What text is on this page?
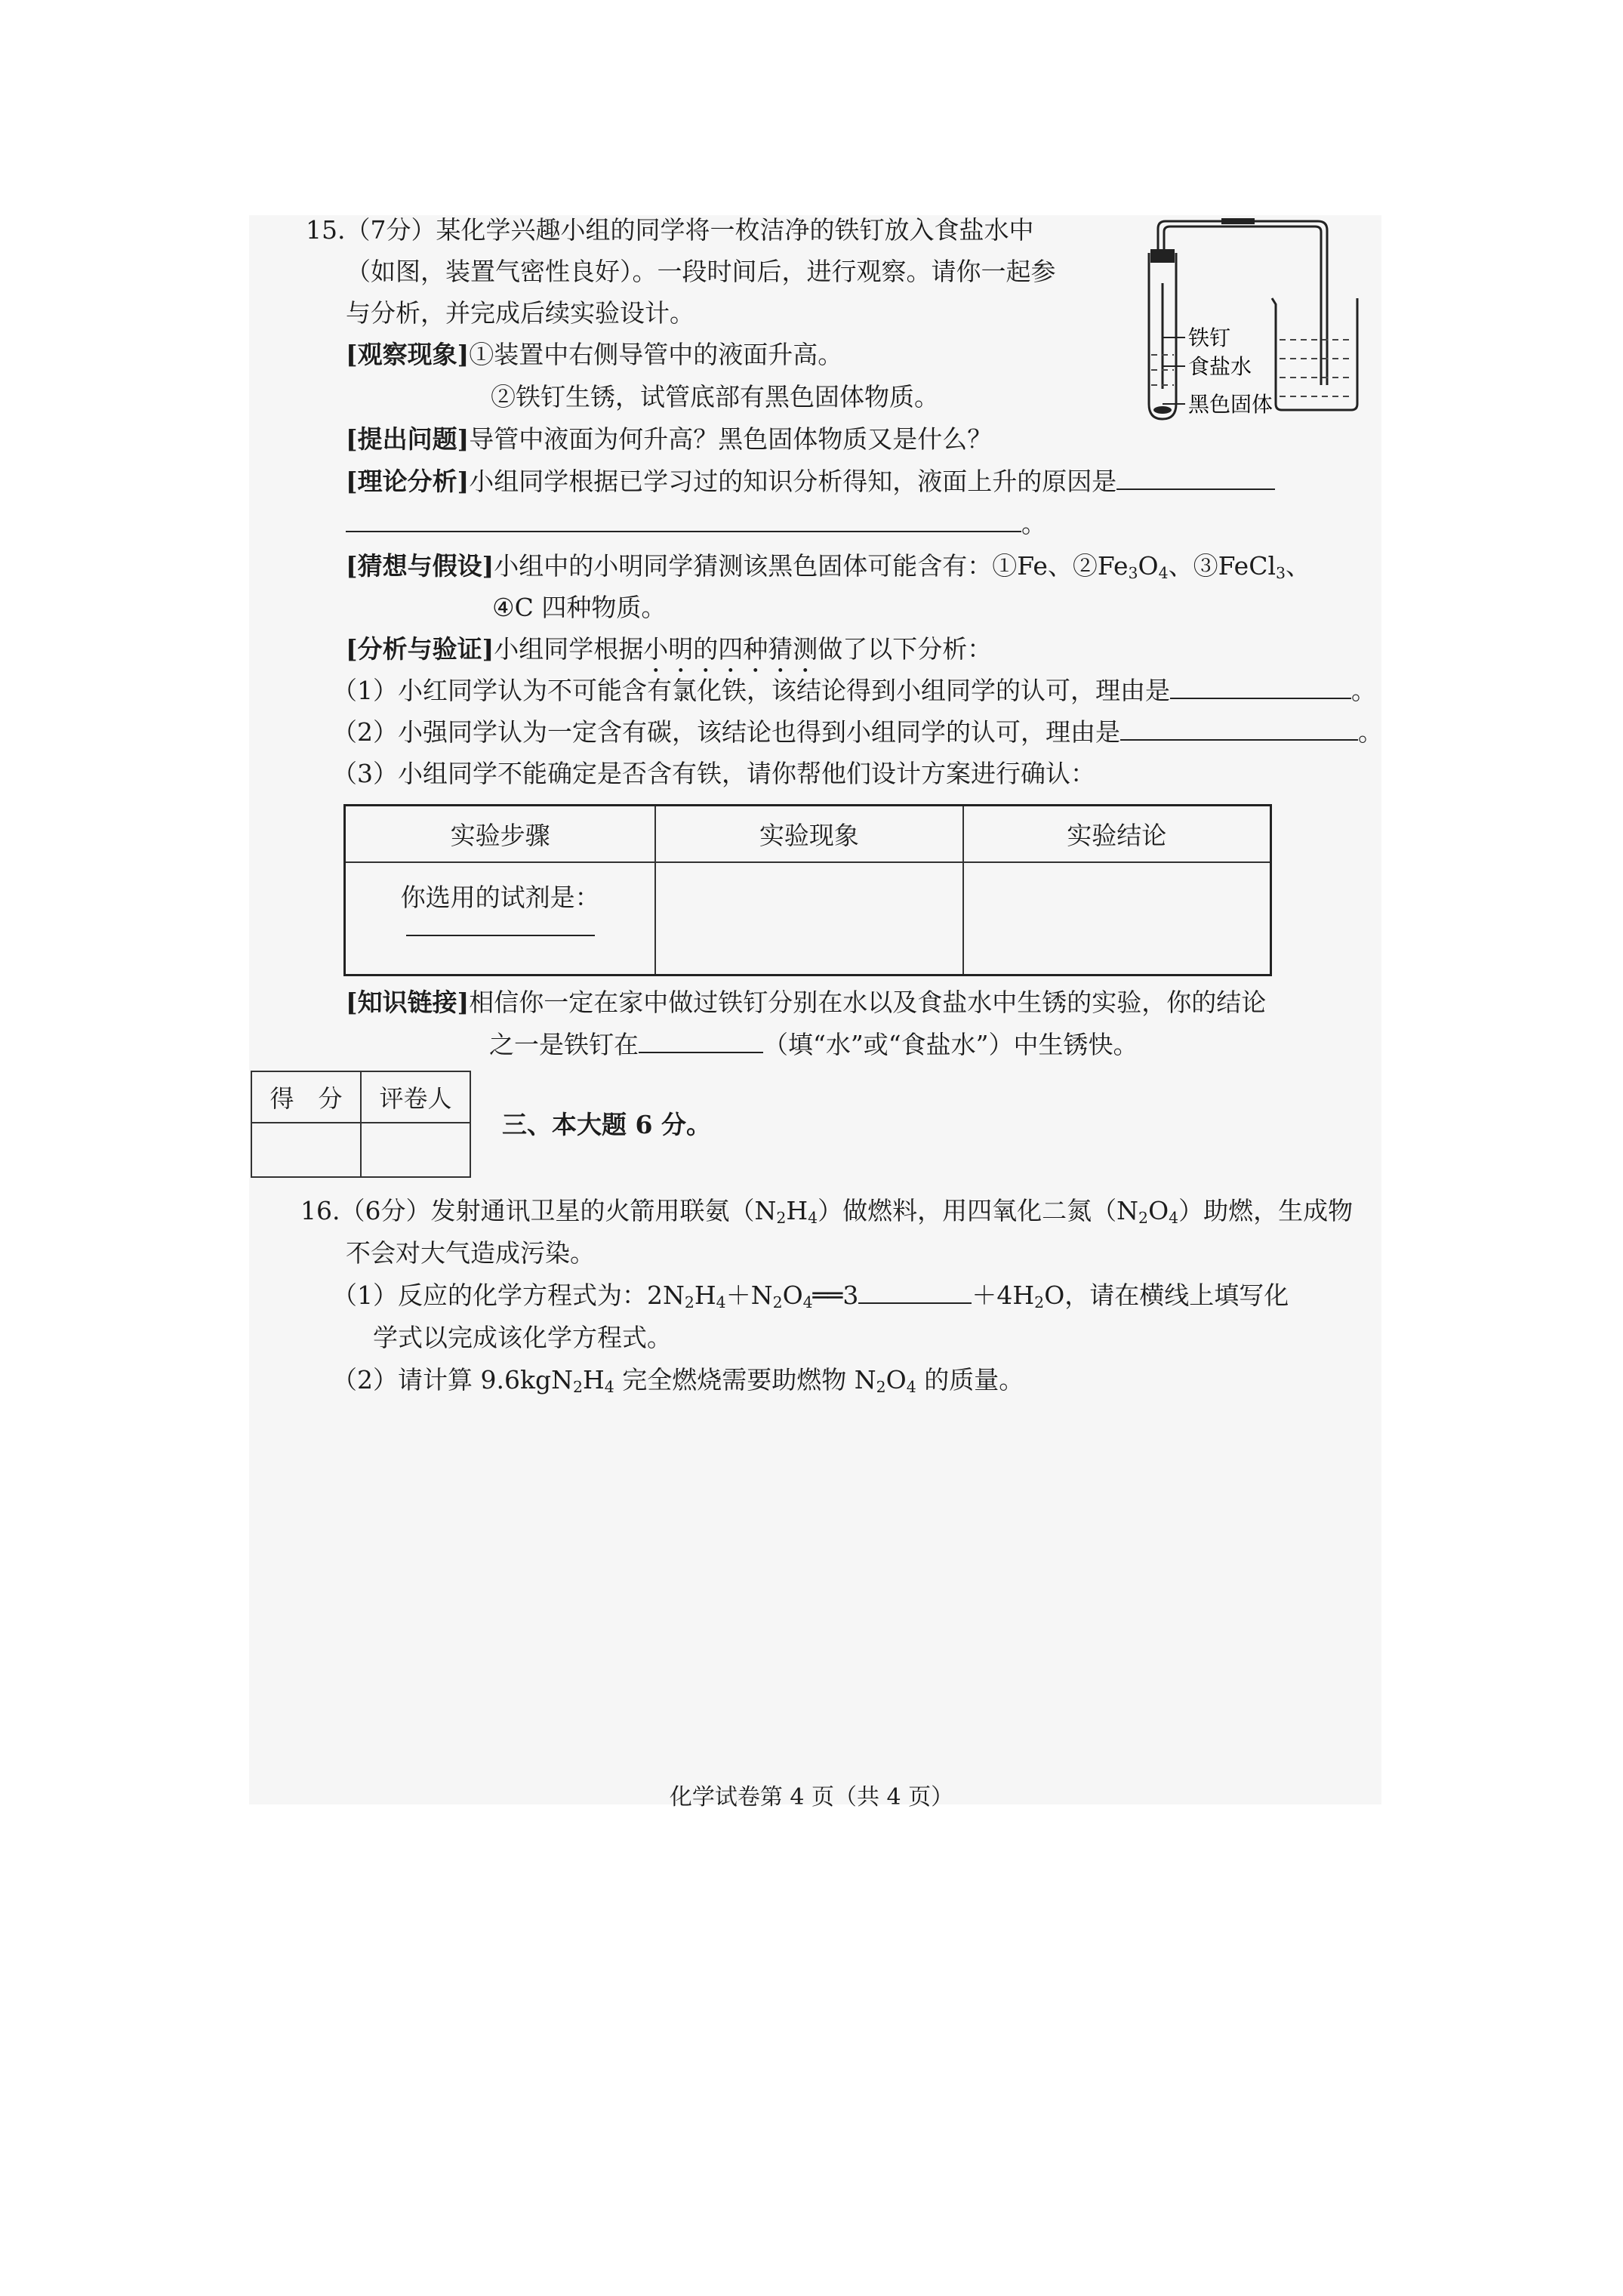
15.（7分）某化学兴趣小组的同学将一枚洁净的铁钉放入食盐水中
（如图，装置气密性良好）。一段时间后，进行观察。请你一起参
与分析，并完成后续实验设计。
[观察现象]①装置中右侧导管中的液面升高。
②铁钉生锈，试管底部有黑色固体物质。
[提出问题]导管中液面为何升高？黑色固体物质又是什么？
[理论分析]小组同学根据已学习过的知识分析得知，液面上升的原因是
。
[猜想与假设]小组中的小明同学猜测该黑色固体可能含有：①Fe、$②Fe_3O_4$、③FeCl$_3$、
④C 四种物质。
[分析与验证]小组同学根据小明的四种猜测做了以下分析：
（1）小红同学认为不可能含有氯化铁，该结论得到小组同学的认可，理由是	。
（2）小强同学认为一定含有碳，该结论也得到小组同学的认可，理由是	。
（3）小组同学不能确定是否含有铁，请你帮他们设计方案进行确认：
实验步骤	实验现象	实验结论

你选用的试剂是：		

[知识链接]相信你一定在家中做过铁钉分别在水以及食盐水中生锈的实验，你的结论
之一是铁钉在	（填“水”或“食盐水”）中生锈快。
铁钉
食盐水
黑色固体
得　分	评卷人

三、本大题 6 分。
16.（6分）发射通讯卫星的火箭用联氨$(N_2H_4)$做燃料，用四氧化二氮$(N_2O_4)$助燃，生成物
不会对大气造成污染。
（1）反应的化学方程式为：$2N_2H_4+N_2O_4══3$	$+4H_2O$，请在横线上填写化
学式以完成该化学方程式。
（2）请计算 $9.6kgN_2H_4$ 完全燃烧需要助燃物 $N_2O_4$ 的质量。
化学试卷第 4 页（共 4 页）
